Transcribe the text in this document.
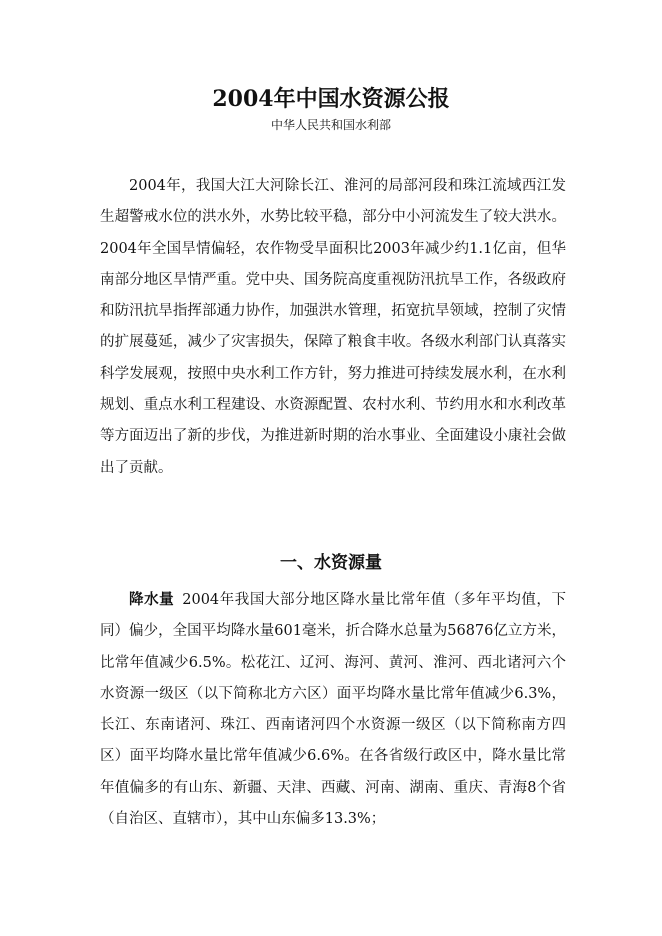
2004年中国水资源公报
中华人民共和国水利部

2004年，我国大江大河除长江、淮河的局部河段和珠江流域西江发生超警戒水位的洪水外，水势比较平稳，部分中小河流发生了较大洪水。2004年全国旱情偏轻，农作物受旱面积比2003年减少约1.1亿亩，但华南部分地区旱情严重。党中央、国务院高度重视防汛抗旱工作，各级政府和防汛抗旱指挥部通力协作，加强洪水管理，拓宽抗旱领域，控制了灾情的扩展蔓延，减少了灾害损失，保障了粮食丰收。各级水利部门认真落实科学发展观，按照中央水利工作方针，努力推进可持续发展水利，在水利规划、重点水利工程建设、水资源配置、农村水利、节约用水和水利改革等方面迈出了新的步伐，为推进新时期的治水事业、全面建设小康社会做出了贡献。

一、水资源量

降水量 2004年我国大部分地区降水量比常年值（多年平均值，下同）偏少，全国平均降水量601毫米，折合降水总量为56876亿立方米，比常年值减少6.5%。松花江、辽河、海河、黄河、淮河、西北诸河六个水资源一级区（以下简称北方六区）面平均降水量比常年值减少6.3%，长江、东南诸河、珠江、西南诸河四个水资源一级区（以下简称南方四区）面平均降水量比常年值减少6.6%。在各省级行政区中，降水量比常年值偏多的有山东、新疆、天津、西藏、河南、湖南、重庆、青海8个省（自治区、直辖市），其中山东偏多13.3%；
